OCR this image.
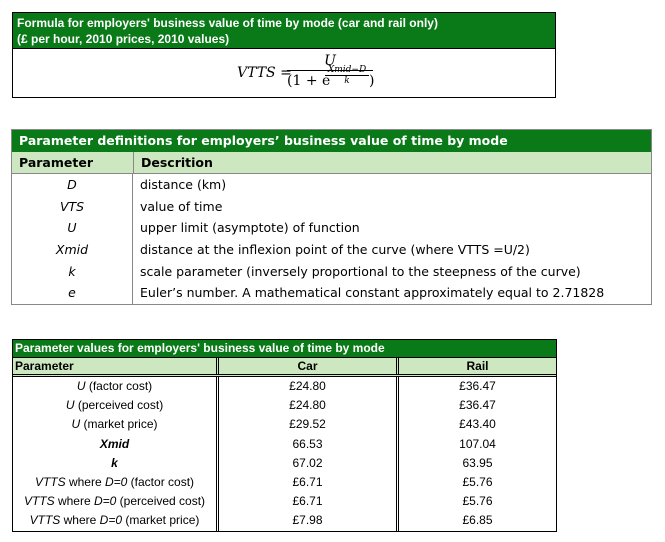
Formula for employers' business value of time by mode (car and rail only)
(£ per hour, 2010 prices, 2010 values)
VTTS =
U
(1 + e
Xmid−D
k	)
Parameter definitions for employers’ business value of time by mode
Parameter	Descrition
D	distance (km)
VTS	value of time
U	upper limit (asymptote) of function
Xmid	distance at the inflexion point of the curve (where VTTS =U/2)
k	scale parameter (inversely proportional to the steepness of the curve)
e	Euler’s number. A mathematical constant approximately equal to 2.71828
Parameter values for employers' business value of time by mode
Parameter	Car	Rail
U (factor cost)	£24.80	£36.47
U (perceived cost)	£24.80	£36.47
U (market price)	£29.52	£43.40
Xmid	66.53	107.04
k	67.02	63.95
VTTS where D=0 (factor cost)	£6.71	£5.76
VTTS where D=0 (perceived cost)	£6.71	£5.76
VTTS where D=0 (market price)	£7.98	£6.85
